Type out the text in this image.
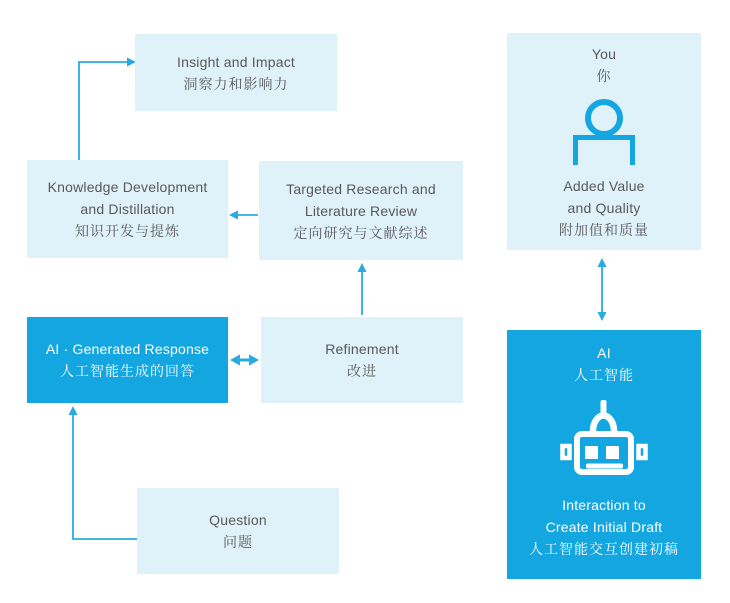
Insight and Impact
洞察力和影响力
Knowledge Development
and Distillation
知识开发与提炼
Targeted Research and
Literature Review
定向研究与文献综述
AI · Generated Response
人工智能生成的回答
Refinement
改进
Question
问题
You
你
Added Value
and Quality
附加值和质量
AI
人工智能
Interaction to
Create Initial Draft
人工智能交互创建初稿
